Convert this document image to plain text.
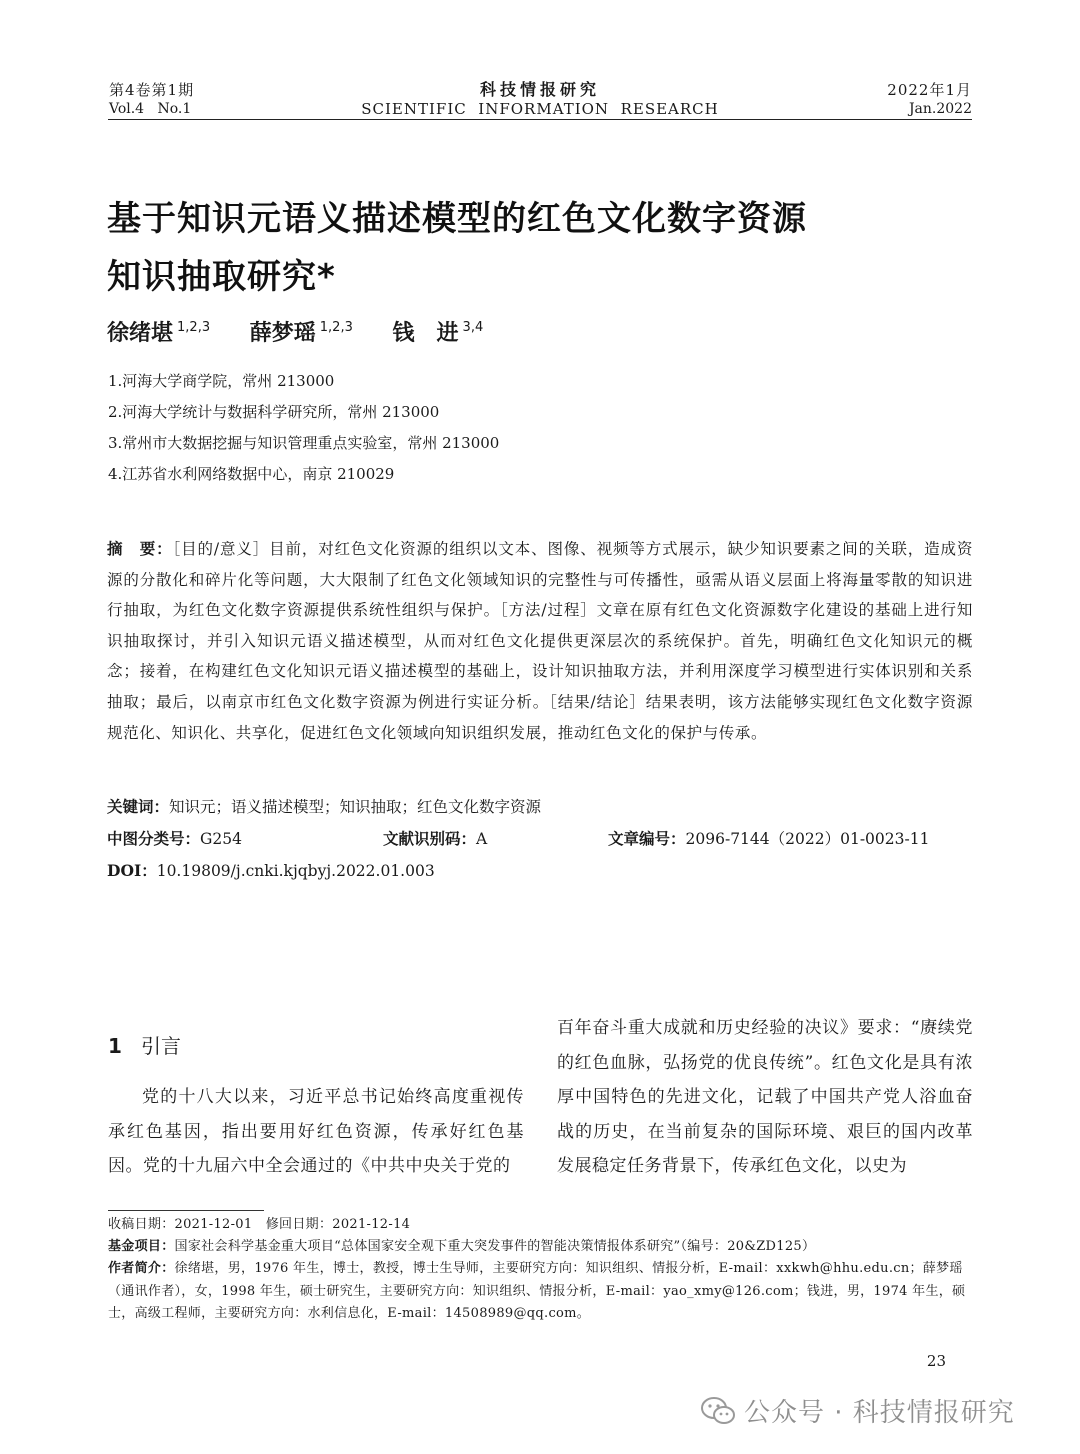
第4卷第1期
Vol.4   No.1
科技情报研究
SCIENTIFIC  INFORMATION  RESEARCH
2022年1月
Jan.2022
基于知识元语义描述模型的红色文化数字资源
知识抽取研究*
徐绪堪 $^{1,2,3}$ 薛梦瑶 $^{1,2,3}$ 钱　进 $^{3,4}$
1.河海大学商学院，常州 213000
2.河海大学统计与数据科学研究所，常州 213000
3.常州市大数据挖掘与知识管理重点实验室，常州 213000
4.江苏省水利网络数据中心，南京 210029
摘　要：［目的/意义］目前，对红色文化资源的组织以文本、图像、视频等方式展示，缺少知识要素之间的关联，造成资源的分散化和碎片化等问题，大大限制了红色文化领域知识的完整性与可传播性，亟需从语义层面上将海量零散的知识进行抽取，为红色文化数字资源提供系统性组织与保护。［方法/过程］文章在原有红色文化资源数字化建设的基础上进行知识抽取探讨，并引入知识元语义描述模型，从而对红色文化提供更深层次的系统保护。首先，明确红色文化知识元的概念；接着，在构建红色文化知识元语义描述模型的基础上，设计知识抽取方法，并利用深度学习模型进行实体识别和关系抽取；最后，以南京市红色文化数字资源为例进行实证分析。［结果/结论］结果表明，该方法能够实现红色文化数字资源规范化、知识化、共享化，促进红色文化领域向知识组织发展，推动红色文化的保护与传承。
关键词：知识元；语义描述模型；知识抽取；红色文化数字资源
中图分类号：G254	文献识别码：A	文章编号：2096-7144（2022）01-0023-11
DOI：10.19809/j.cnki.kjqbyj.2022.01.003
1 引言
党的十八大以来，习近平总书记始终高度重视传承红色基因，指出要用好红色资源，传承好红色基因。党的十九届六中全会通过的《中共中央关于党的
百年奋斗重大成就和历史经验的决议》要求：“赓续党的红色血脉，弘扬党的优良传统”。红色文化是具有浓厚中国特色的先进文化，记载了中国共产党人浴血奋战的历史，在当前复杂的国际环境、艰巨的国内改革发展稳定任务背景下，传承红色文化，以史为
收稿日期：2021-12-01　修回日期：2021-12-14
基金项目：国家社会科学基金重大项目“总体国家安全观下重大突发事件的智能决策情报体系研究”（编号：20&ZD125）
作者简介：徐绪堪，男，1976 年生，博士，教授，博士生导师，主要研究方向：知识组织、情报分析，E-mail：xxkwh@hhu.edu.cn；薛梦瑶（通讯作者），女，1998 年生，硕士研究生，主要研究方向：知识组织、情报分析，E-mail：yao_xmy@126.com；钱进，男，1974 年生，硕士，高级工程师，主要研究方向：水利信息化，E-mail：14508989@qq.com。
23
公众号 · 科技情报研究
